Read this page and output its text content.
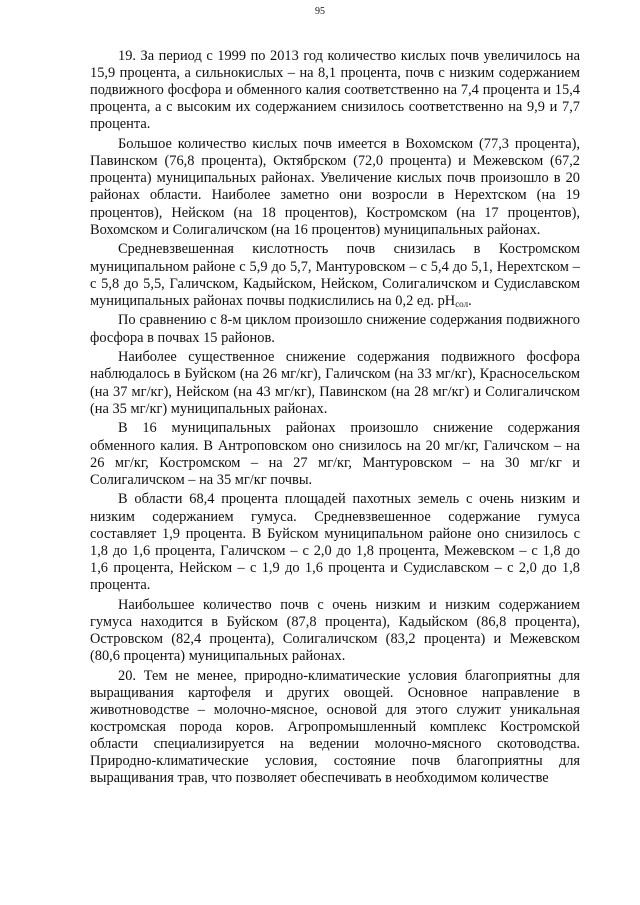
95

19. За период с 1999 по 2013 год количество кислых почв увеличилось на 15,9 процента, а сильнокислых – на 8,1 процента, почв с низким содержанием подвижного фосфора и обменного калия соответственно на 7,4 процента и 15,4 процента, а с высоким их содержанием снизилось соответственно на 9,9 и 7,7 процента.

Большое количество кислых почв имеется в Вохомском (77,3 процента), Павинском (76,8 процента), Октябрском (72,0 процента) и Межевском (67,2 процента) муниципальных районах. Увеличение кислых почв произошло в 20 районах области. Наиболее заметно они возросли в Нерехтском (на 19 процентов), Нейском (на 18 процентов), Костромском (на 17 процентов), Вохомском и Солигаличском (на 16 процентов) муниципальных районах.

Средневзвешенная кислотность почв снизилась в Костромском муниципальном районе с 5,9 до 5,7, Мантуровском – с 5,4 до 5,1, Нерехтском – с 5,8 до 5,5, Галичском, Кадыйском, Нейском, Солигаличском и Судиславском муниципальных районах почвы подкислились на 0,2 ед. $pH_{сол}$.

По сравнению с 8-м циклом произошло снижение содержания подвижного фосфора в почвах 15 районов.

Наиболее существенное снижение содержания подвижного фосфора наблюдалось в Буйском (на 26 мг/кг), Галичском (на 33 мг/кг), Красносельском (на 37 мг/кг), Нейском (на 43 мг/кг), Павинском (на 28 мг/кг) и Солигаличском (на 35 мг/кг) муниципальных районах.

В 16 муниципальных районах произошло снижение содержания обменного калия. В Антроповском оно снизилось на 20 мг/кг, Галичском – на 26 мг/кг, Костромском – на 27 мг/кг, Мантуровском – на 30 мг/кг и Солигаличском – на 35 мг/кг почвы.

В области 68,4 процента площадей пахотных земель с очень низким и низким содержанием гумуса. Средневзвешенное содержание гумуса составляет 1,9 процента. В Буйском муниципальном районе оно снизилось с 1,8 до 1,6 процента, Галичском – с 2,0 до 1,8 процента, Межевском – с 1,8 до 1,6 процента, Нейском – с 1,9 до 1,6 процента и Судиславском – с 2,0 до 1,8 процента.

Наибольшее количество почв с очень низким и низким содержанием гумуса находится в Буйском (87,8 процента), Кадыйском (86,8 процента), Островском (82,4 процента), Солигаличском (83,2 процента) и Межевском (80,6 процента) муниципальных районах.

20. Тем не менее, природно-климатические условия благоприятны для выращивания картофеля и других овощей. Основное направление в животноводстве – молочно-мясное, основой для этого служит уникальная костромская порода коров. Агропромышленный комплекс Костромской области специализируется на ведении молочно-мясного скотоводства. Природно-климатические условия, состояние почв благоприятны для выращивания трав, что позволяет обеспечивать в необходимом количестве
